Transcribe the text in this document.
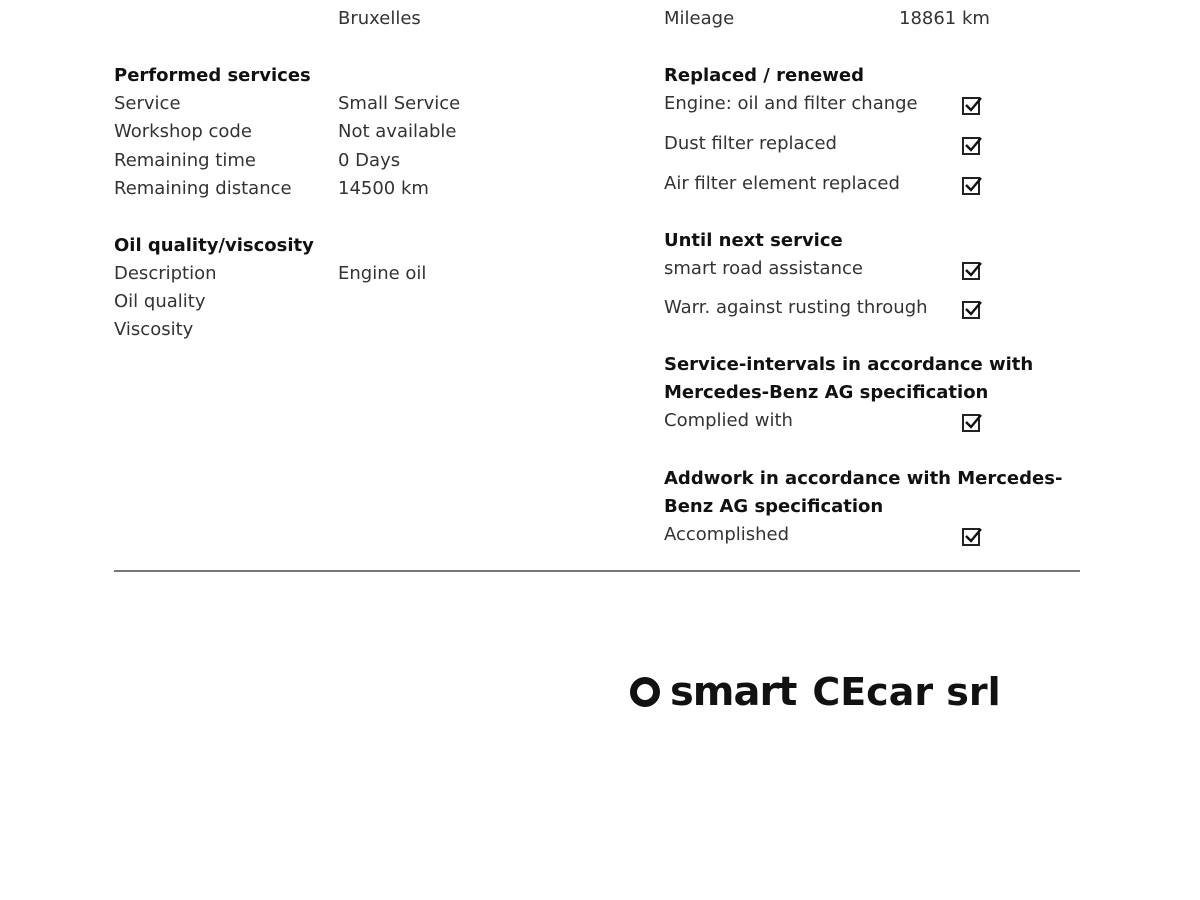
Bruxelles	Mileage	18861 km
Performed services
Service	Small Service
Workshop code	Not available
Remaining time	0 Days
Remaining distance	14500 km
Oil quality/viscosity
Description	Engine oil
Oil quality
Viscosity
Replaced / renewed
Engine: oil and filter change
Dust filter replaced
Air filter element replaced
Until next service
smart road assistance
Warr. against rusting through
Service-intervals in accordance with Mercedes-Benz AG specification
Complied with
Addwork in accordance with Mercedes-Benz AG specification
Accomplished
smart CEcar srl
